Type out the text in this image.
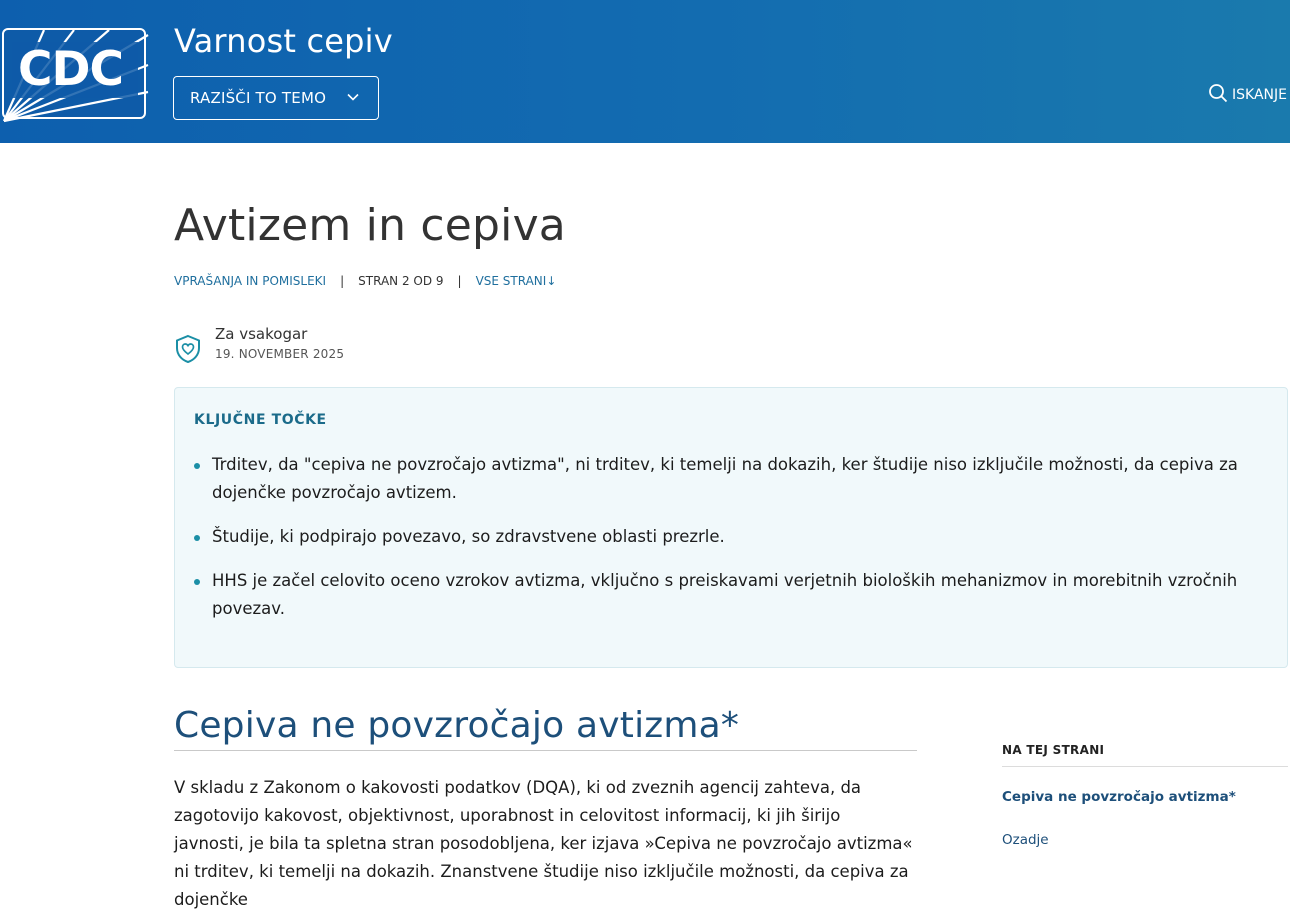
CDC
Varnost cepiv
RAZIŠČI TO TEMO	ISKANJE
Avtizem in cepiva
VPRAŠANJA IN POMISLEKI | STRAN 2 OD 9 | VSE STRANI↓
Za vsakogar
19. NOVEMBER 2025
KLJUČNE TOČKE
Trditev, da "cepiva ne povzročajo avtizma", ni trditev, ki temelji na dokazih, ker študije niso izključile možnosti, da cepiva za dojenčke povzročajo avtizem.
Študije, ki podpirajo povezavo, so zdravstvene oblasti prezrle.
HHS je začel celovito oceno vzrokov avtizma, vključno s preiskavami verjetnih bioloških mehanizmov in morebitnih vzročnih povezav.
Cepiva ne povzročajo avtizma*

V skladu z Zakonom o kakovosti podatkov (DQA), ki od zveznih agencij zahteva, da zagotovijo kakovost, objektivnost, uporabnost in celovitost informacij, ki jih širijo javnosti, je bila ta spletna stran posodobljena, ker izjava »Cepiva ne povzročajo avtizma« ni trditev, ki temelji na dokazih. Znanstvene študije niso izključile možnosti, da cepiva za dojenčke

NA TEJ STRANI
Cepiva ne povzročajo avtizma*
Ozadje
